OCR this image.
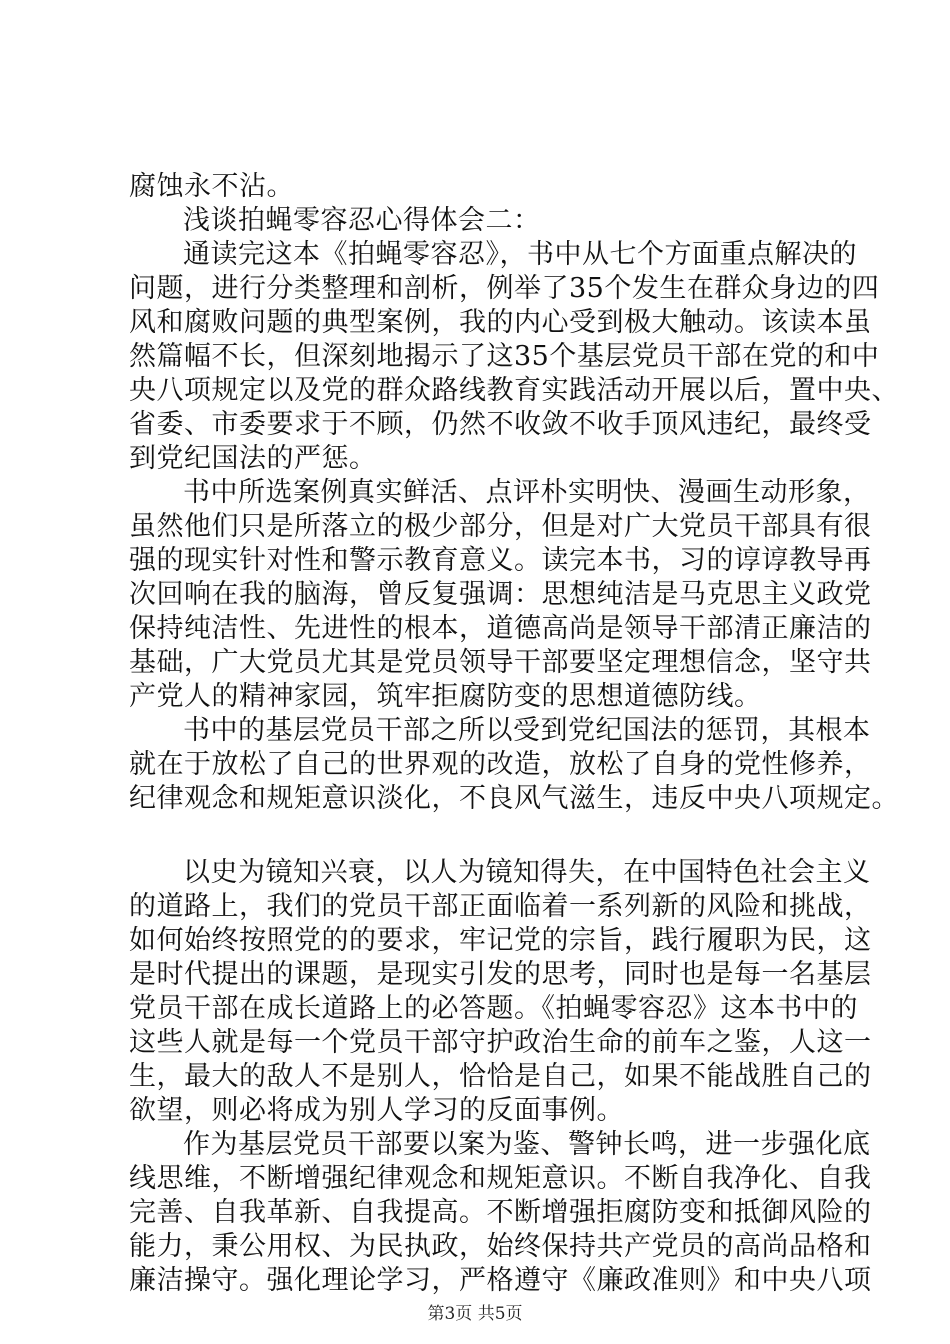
腐蚀永不沾。
浅谈拍蝇零容忍心得体会二：
通读完这本《拍蝇零容忍》，书中从七个方面重点解决的
问题，进行分类整理和剖析，例举了35个发生在群众身边的四
风和腐败问题的典型案例，我的内心受到极大触动。该读本虽
然篇幅不长，但深刻地揭示了这35个基层党员干部在党的和中
央八项规定以及党的群众路线教育实践活动开展以后，置中央、
省委、市委要求于不顾，仍然不收敛不收手顶风违纪，最终受
到党纪国法的严惩。
书中所选案例真实鲜活、点评朴实明快、漫画生动形象，
虽然他们只是所落立的极少部分，但是对广大党员干部具有很
强的现实针对性和警示教育意义。读完本书，习的谆谆教导再
次回响在我的脑海，曾反复强调：思想纯洁是马克思主义政党
保持纯洁性、先进性的根本，道德高尚是领导干部清正廉洁的
基础，广大党员尤其是党员领导干部要坚定理想信念，坚守共
产党人的精神家园，筑牢拒腐防变的思想道德防线。
书中的基层党员干部之所以受到党纪国法的惩罚，其根本
就在于放松了自己的世界观的改造，放松了自身的党性修养，
纪律观念和规矩意识淡化，不良风气滋生，违反中央八项规定。
以史为镜知兴衰，以人为镜知得失，在中国特色社会主义
的道路上，我们的党员干部正面临着一系列新的风险和挑战，
如何始终按照党的的要求，牢记党的宗旨，践行履职为民，这
是时代提出的课题，是现实引发的思考，同时也是每一名基层
党员干部在成长道路上的必答题。《拍蝇零容忍》这本书中的
这些人就是每一个党员干部守护政治生命的前车之鉴，人这一
生，最大的敌人不是别人，恰恰是自己，如果不能战胜自己的
欲望，则必将成为别人学习的反面事例。
作为基层党员干部要以案为鉴、警钟长鸣，进一步强化底
线思维，不断增强纪律观念和规矩意识。不断自我净化、自我
完善、自我革新、自我提高。不断增强拒腐防变和抵御风险的
能力，秉公用权、为民执政，始终保持共产党员的高尚品格和
廉洁操守。强化理论学习，严格遵守《廉政准则》和中央八项
第3页 共5页
